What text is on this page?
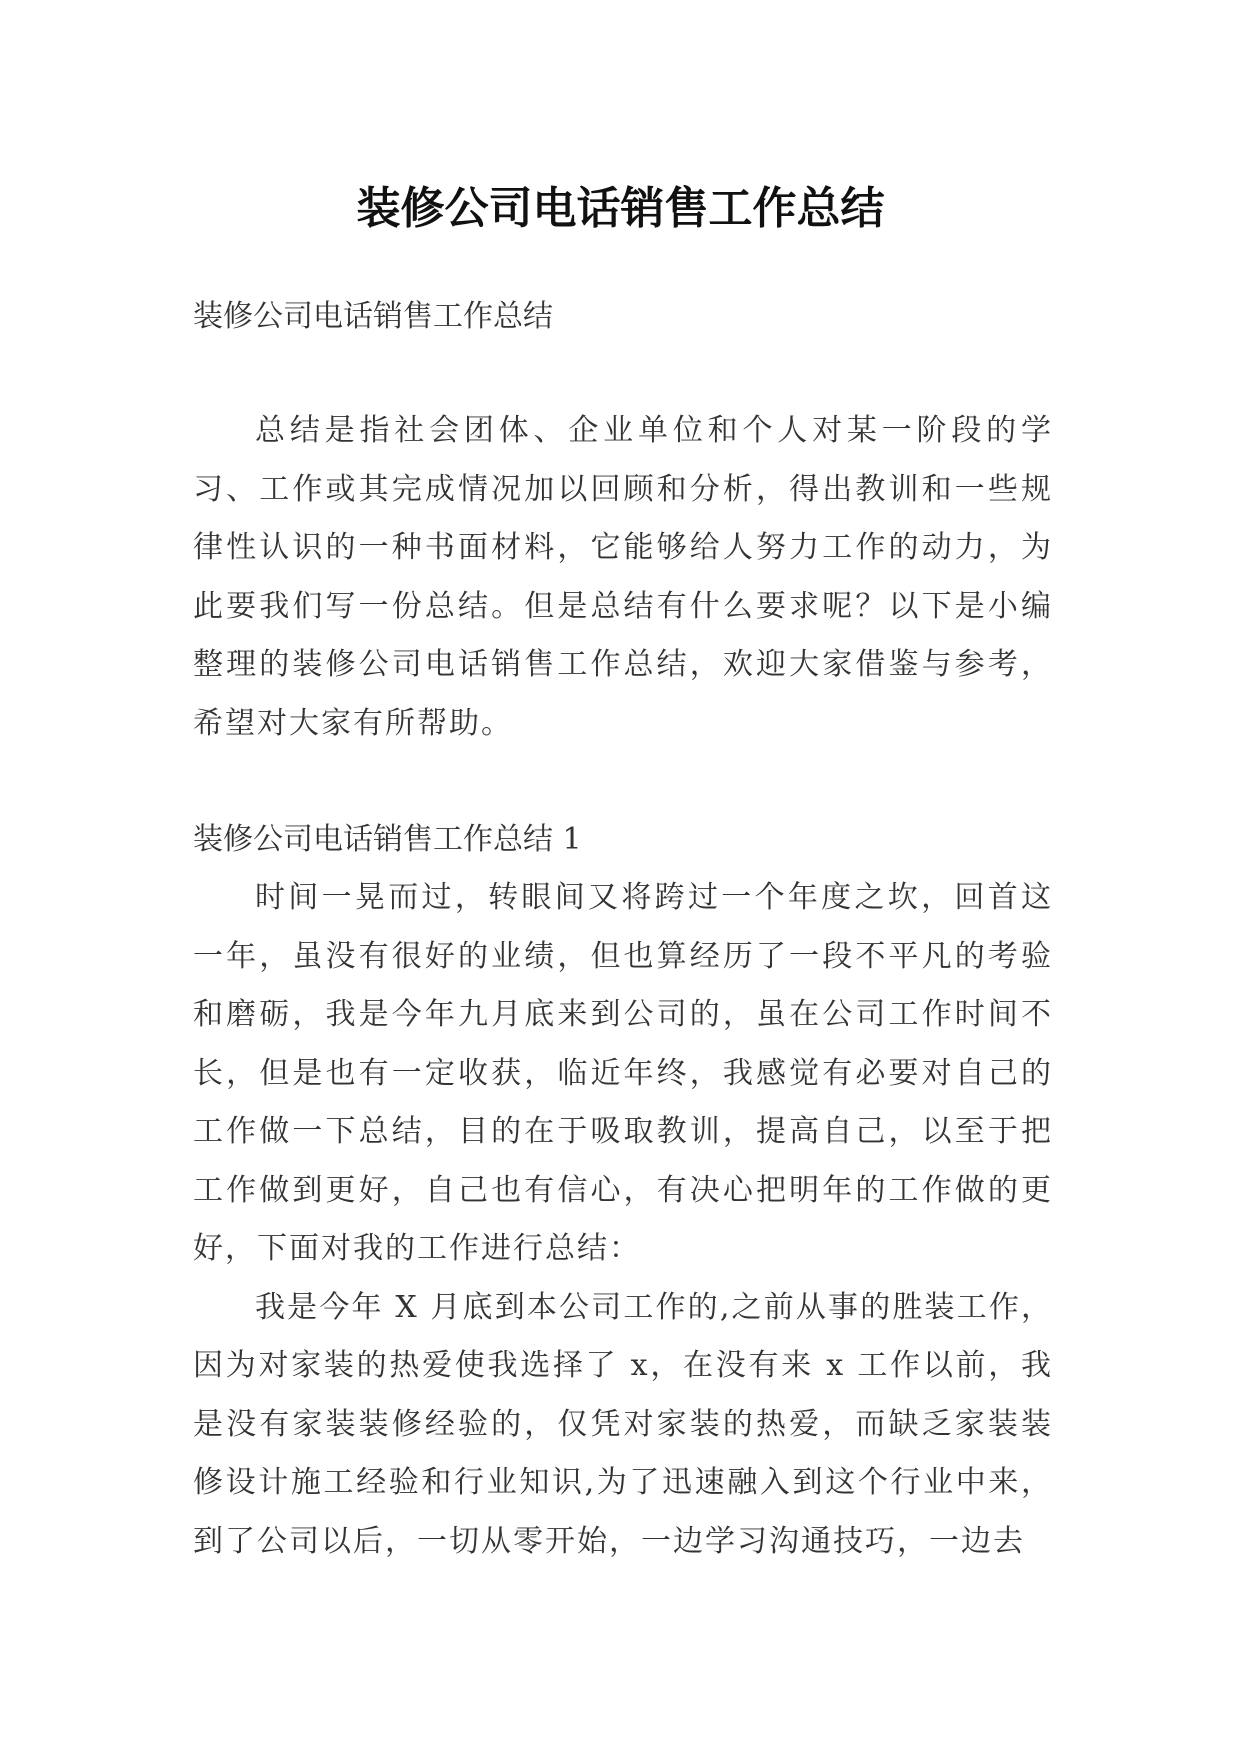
装修公司电话销售工作总结

装修公司电话销售工作总结

总结是指社会团体、企业单位和个人对某一阶段的学习、工作或其完成情况加以回顾和分析，得出教训和一些规律性认识的一种书面材料，它能够给人努力工作的动力，为此要我们写一份总结。但是总结有什么要求呢？以下是小编整理的装修公司电话销售工作总结，欢迎大家借鉴与参考，希望对大家有所帮助。

装修公司电话销售工作总结 1

时间一晃而过，转眼间又将跨过一个年度之坎，回首这一年，虽没有很好的业绩，但也算经历了一段不平凡的考验和磨砺，我是今年九月底来到公司的，虽在公司工作时间不长，但是也有一定收获，临近年终，我感觉有必要对自己的工作做一下总结，目的在于吸取教训，提高自己，以至于把工作做到更好，自己也有信心，有决心把明年的工作做的更好，下面对我的工作进行总结：

我是今年 X 月底到本公司工作的,之前从事的胜装工作，因为对家装的热爱使我选择了 x，在没有来 x 工作以前，我是没有家装装修经验的，仅凭对家装的热爱，而缺乏家装装修设计施工经验和行业知识,为了迅速融入到这个行业中来，到了公司以后，一切从零开始，一边学习沟通技巧，一边去
